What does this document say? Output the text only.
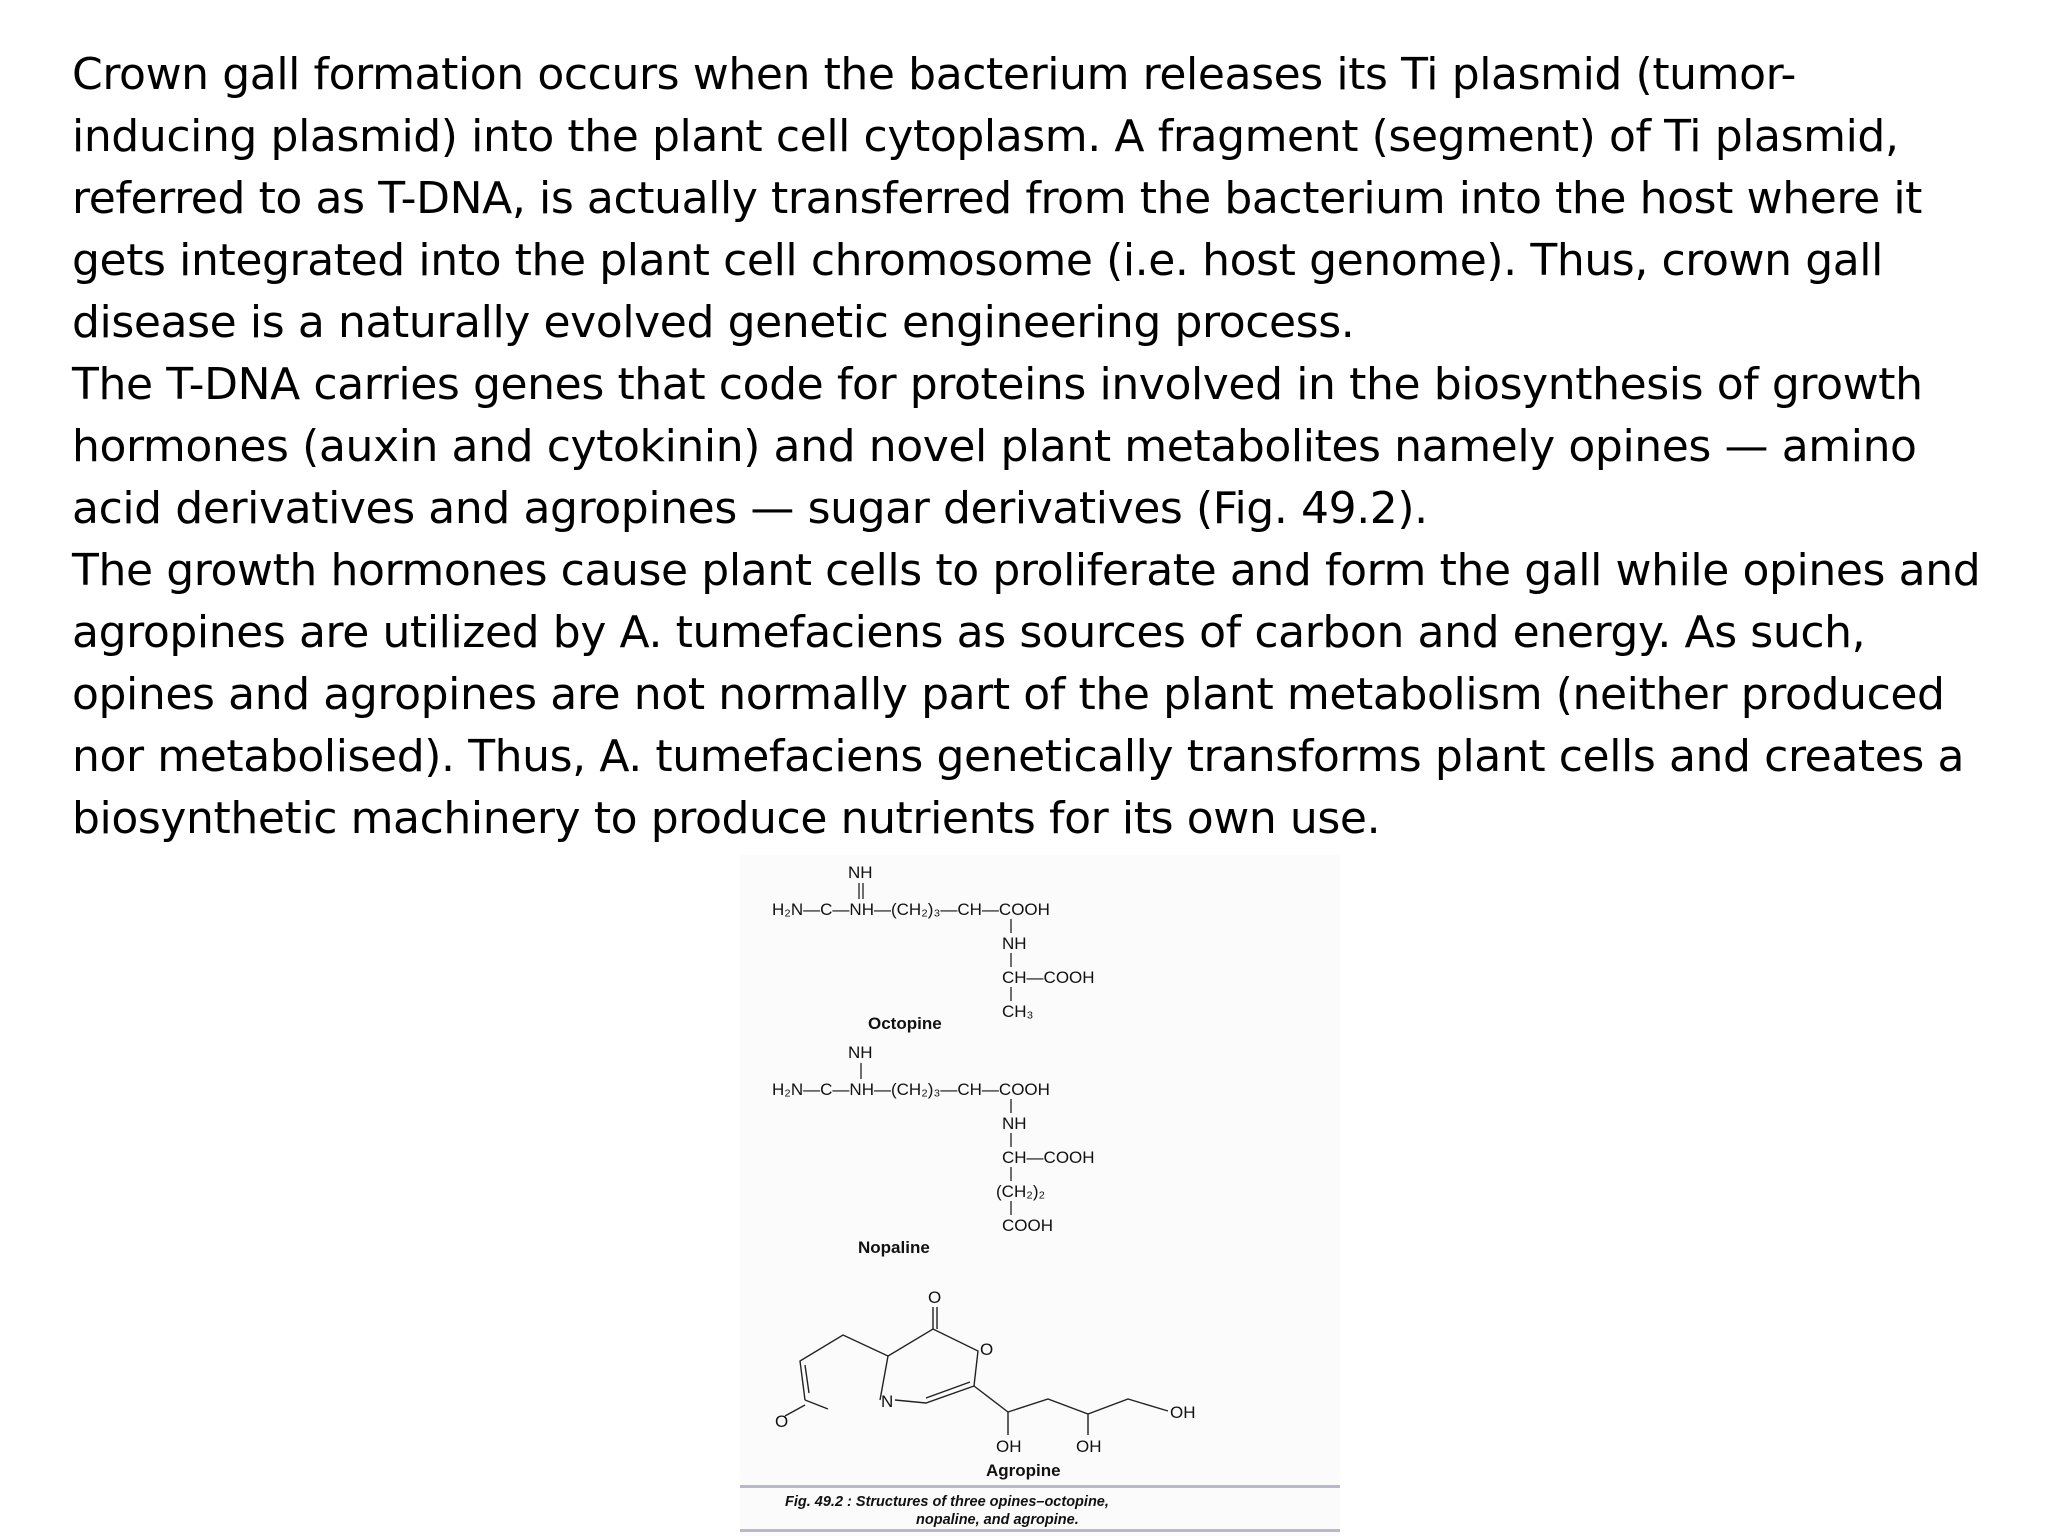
Crown gall formation occurs when the bacterium releases its Ti plasmid (tumor- inducing plasmid) into the plant cell cytoplasm. A fragment (segment) of Ti plasmid, referred to as T-DNA, is actually transferred from the bacterium into the host where it gets integrated into the plant cell chromosome (i.e. host genome). Thus, crown gall disease is a naturally evolved genetic engineering process.

The T-DNA carries genes that code for proteins involved in the biosynthesis of growth hormones (auxin and cytokinin) and novel plant metabolites namely opines — amino acid derivatives and agropines — sugar derivatives (Fig. 49.2).

The growth hormones cause plant cells to proliferate and form the gall while opines and agropines are utilized by A. tumefaciens as sources of carbon and energy. As such, opines and agropines are not normally part of the plant metabolism (neither produced nor metabolised). Thus, A. tumefaciens genetically transforms plant cells and creates a biosynthetic machinery to produce nutrients for its own use.

NH
H₂N—C—NH—(CH₂)₃—CH—COOH
NH
CH—COOH
CH₃
Octopine
NH
H₂N—C—NH—(CH₂)₃—CH—COOH
NH
CH—COOH
(CH₂)₂
COOH
Nopaline
O
O
N
O
OH	OH
OH
Agropine
Fig. 49.2 : Structures of three opines–octopine,
nopaline, and agropine.
